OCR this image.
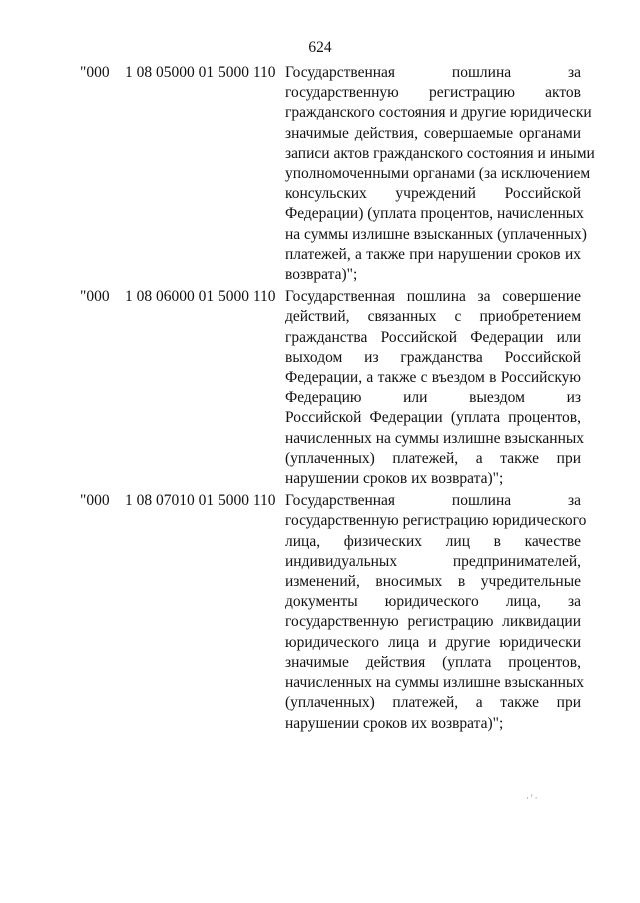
624
"000 1 08 05000 01 5000 110 Государственная пошлина за
государственную регистрацию актов
гражданского состояния и другие юридически
значимые действия, совершаемые органами
записи актов гражданского состояния и иными
уполномоченными органами (за исключением
консульских учреждений Российской
Федерации) (уплата процентов, начисленных
на суммы излишне взысканных (уплаченных)
платежей, а также при нарушении сроков их
возврата)";
"000 1 08 06000 01 5000 110 Государственная пошлина за совершение
действий, связанных с приобретением
гражданства Российской Федерации или
выходом из гражданства Российской
Федерации, а также с въездом в Российскую
Федерацию или выездом из
Российской Федерации (уплата процентов,
начисленных на суммы излишне взысканных
(уплаченных) платежей, а также при
нарушении сроков их возврата)";
"000 1 08 07010 01 5000 110 Государственная пошлина за
государственную регистрацию юридического
лица, физических лиц в качестве
индивидуальных предпринимателей,
изменений, вносимых в учредительные
документы юридического лица, за
государственную регистрацию ликвидации
юридического лица и другие юридически
значимые действия (уплата процентов,
начисленных на суммы излишне взысканных
(уплаченных) платежей, а также при
нарушении сроков их возврата)";
·'·
